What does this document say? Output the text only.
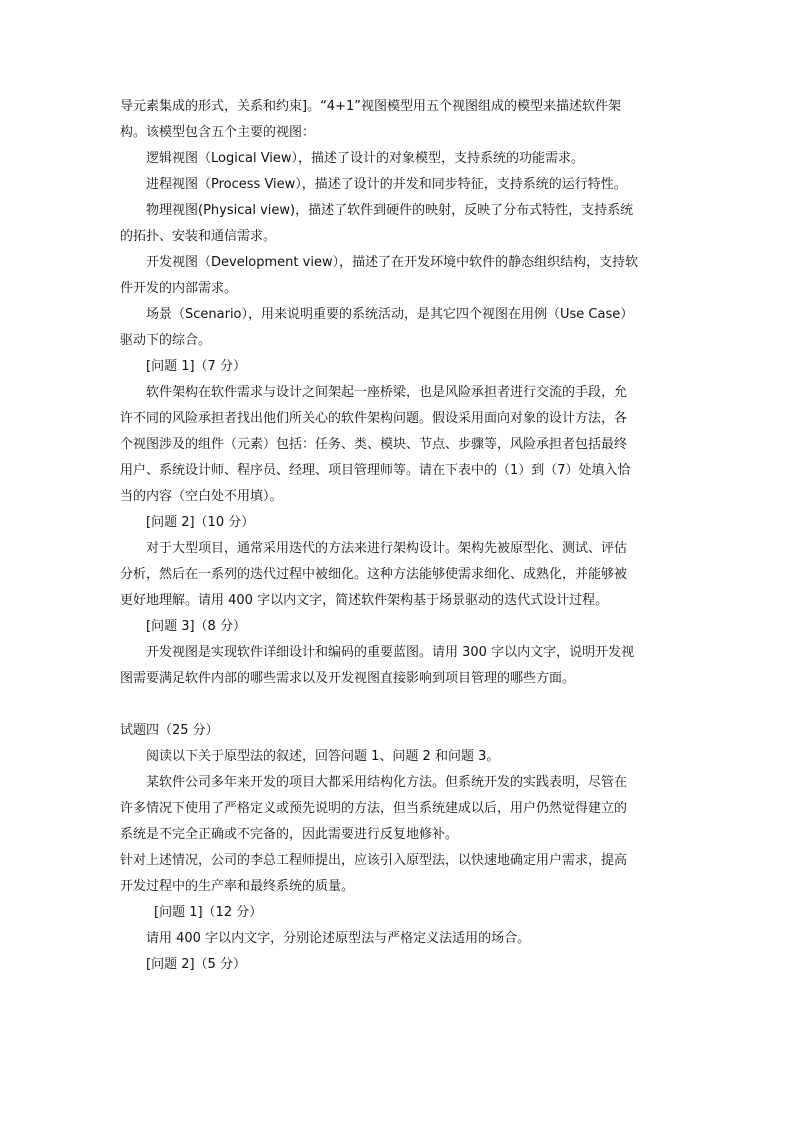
导元素集成的形式，关系和约束]。“4+1”视图模型用五个视图组成的模型来描述软件架
构。该模型包含五个主要的视图：
逻辑视图（Logical View），描述了设计的对象模型，支持系统的功能需求。
进程视图（Process View），描述了设计的并发和同步特征，支持系统的运行特性。
物理视图(Physical view)，描述了软件到硬件的映射，反映了分布式特性，支持系统
的拓扑、安装和通信需求。
开发视图（Development view），描述了在开发环境中软件的静态组织结构，支持软
件开发的内部需求。
场景（Scenario），用来说明重要的系统活动，是其它四个视图在用例（Use Case）
驱动下的综合。
[问题 1]（7 分）
软件架构在软件需求与设计之间架起一座桥梁，也是风险承担者进行交流的手段，允
许不同的风险承担者找出他们所关心的软件架构问题。假设采用面向对象的设计方法，各
个视图涉及的组件（元素）包括：任务、类、模块、节点、步骤等，风险承担者包括最终
用户、系统设计师、程序员、经理、项目管理师等。请在下表中的（1）到（7）处填入恰
当的内容（空白处不用填）。
[问题 2]（10 分）
对于大型项目，通常采用迭代的方法来进行架构设计。架构先被原型化、测试、评估
分析，然后在一系列的迭代过程中被细化。这种方法能够使需求细化、成熟化，并能够被
更好地理解。请用 400 字以内文字，简述软件架构基于场景驱动的迭代式设计过程。
[问题 3]（8 分）
开发视图是实现软件详细设计和编码的重要蓝图。请用 300 字以内文字，说明开发视
图需要满足软件内部的哪些需求以及开发视图直接影响到项目管理的哪些方面。
试题四（25 分）
阅读以下关于原型法的叙述，回答问题 1、问题 2 和问题 3。
某软件公司多年来开发的项目大都采用结构化方法。但系统开发的实践表明，尽管在
许多情况下使用了严格定义或预先说明的方法，但当系统建成以后，用户仍然觉得建立的
系统是不完全正确或不完备的，因此需要进行反复地修补。
针对上述情况，公司的李总工程师提出，应该引入原型法，以快速地确定用户需求，提高
开发过程中的生产率和最终系统的质量。
[问题 1]（12 分）
请用 400 字以内文字，分别论述原型法与严格定义法适用的场合。
[问题 2]（5 分）
